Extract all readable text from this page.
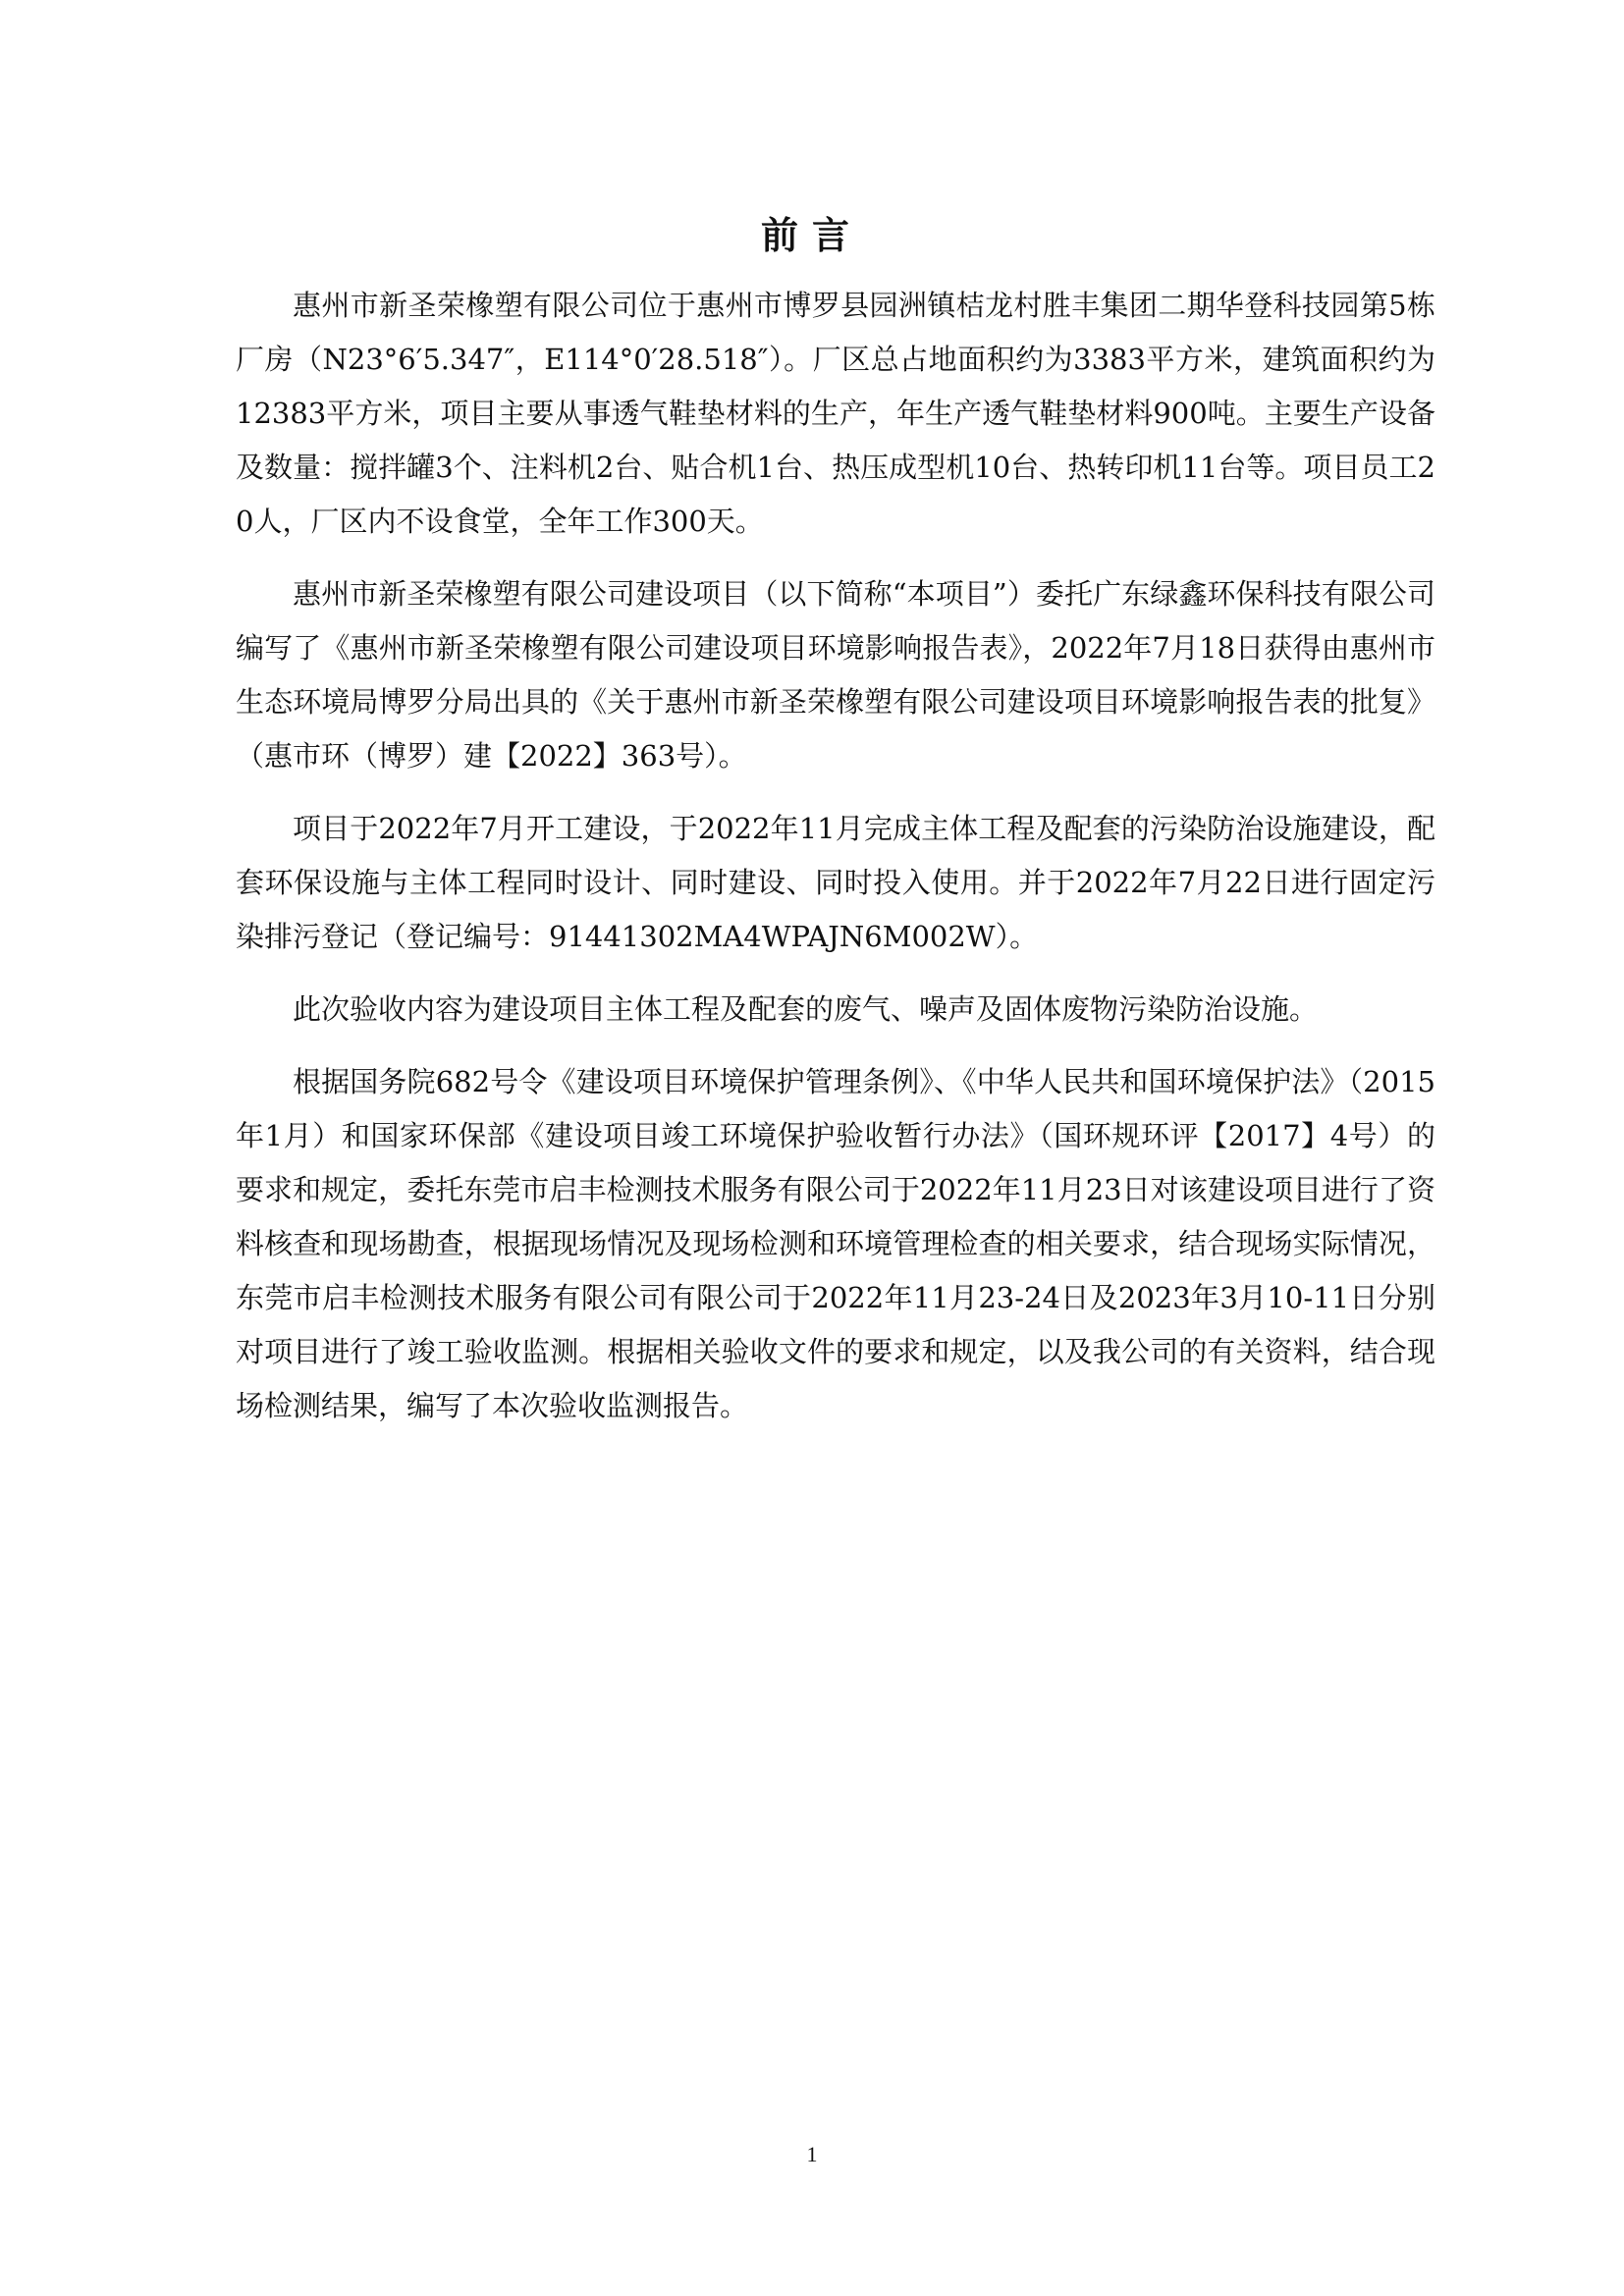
前言

惠州市新圣荣橡塑有限公司位于惠州市博罗县园洲镇桔龙村胜丰集团二期华登科技园第5栋厂房（N23°6′5.347″，E114°0′28.518″）。厂区总占地面积约为3383平方米，建筑面积约为12383平方米，项目主要从事透气鞋垫材料的生产，年生产透气鞋垫材料900吨。主要生产设备及数量：搅拌罐3个、注料机2台、贴合机1台、热压成型机10台、热转印机11台等。项目员工20人，厂区内不设食堂，全年工作300天。

惠州市新圣荣橡塑有限公司建设项目（以下简称“本项目”）委托广东绿鑫环保科技有限公司编写了《惠州市新圣荣橡塑有限公司建设项目环境影响报告表》，2022年7月18日获得由惠州市生态环境局博罗分局出具的《关于惠州市新圣荣橡塑有限公司建设项目环境影响报告表的批复》（惠市环（博罗）建【2022】363号）。

项目于2022年7月开工建设，于2022年11月完成主体工程及配套的污染防治设施建设，配套环保设施与主体工程同时设计、同时建设、同时投入使用。并于2022年7月22日进行固定污染排污登记（登记编号：91441302MA4WPAJN6M002W）。

此次验收内容为建设项目主体工程及配套的废气、噪声及固体废物污染防治设施。

根据国务院682号令《建设项目环境保护管理条例》、《中华人民共和国环境保护法》（2015年1月）和国家环保部《建设项目竣工环境保护验收暂行办法》（国环规环评【2017】4号）的要求和规定，委托东莞市启丰检测技术服务有限公司于2022年11月23日对该建设项目进行了资料核查和现场勘查，根据现场情况及现场检测和环境管理检查的相关要求，结合现场实际情况，东莞市启丰检测技术服务有限公司有限公司于2022年11月23-24日及2023年3月10-11日分别对项目进行了竣工验收监测。根据相关验收文件的要求和规定，以及我公司的有关资料，结合现场检测结果，编写了本次验收监测报告。

1
